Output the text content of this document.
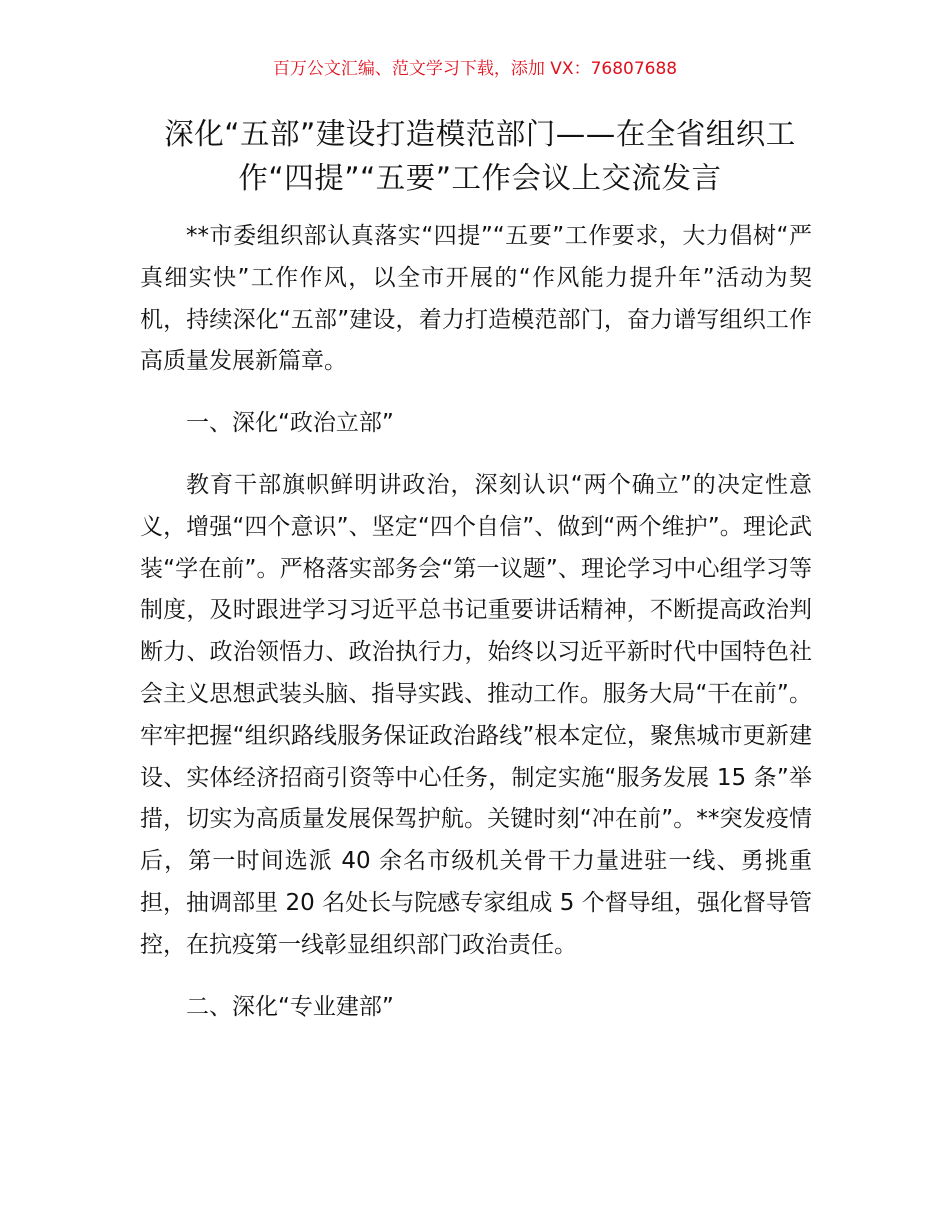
百万公文汇编、范文学习下载，添加 VX：76807688
深化“五部”建设打造模范部门——在全省组织工作“四提”“五要”工作会议上交流发言

**市委组织部认真落实“四提”“五要”工作要求，大力倡树“严真细实快”工作作风，以全市开展的“作风能力提升年”活动为契机，持续深化“五部”建设，着力打造模范部门，奋力谱写组织工作高质量发展新篇章。

一、深化“政治立部”

教育干部旗帜鲜明讲政治，深刻认识“两个确立”的决定性意义，增强“四个意识”、坚定“四个自信”、做到“两个维护”。理论武装“学在前”。严格落实部务会“第一议题”、理论学习中心组学习等制度，及时跟进学习习近平总书记重要讲话精神，不断提高政治判断力、政治领悟力、政治执行力，始终以习近平新时代中国特色社会主义思想武装头脑、指导实践、推动工作。服务大局“干在前”。牢牢把握“组织路线服务保证政治路线”根本定位，聚焦城市更新建设、实体经济招商引资等中心任务，制定实施“服务发展 15 条”举措，切实为高质量发展保驾护航。关键时刻“冲在前”。**突发疫情后，第一时间选派 40 余名市级机关骨干力量进驻一线、勇挑重担，抽调部里 20 名处长与院感专家组成 5 个督导组，强化督导管控，在抗疫第一线彰显组织部门政治责任。

二、深化“专业建部”
